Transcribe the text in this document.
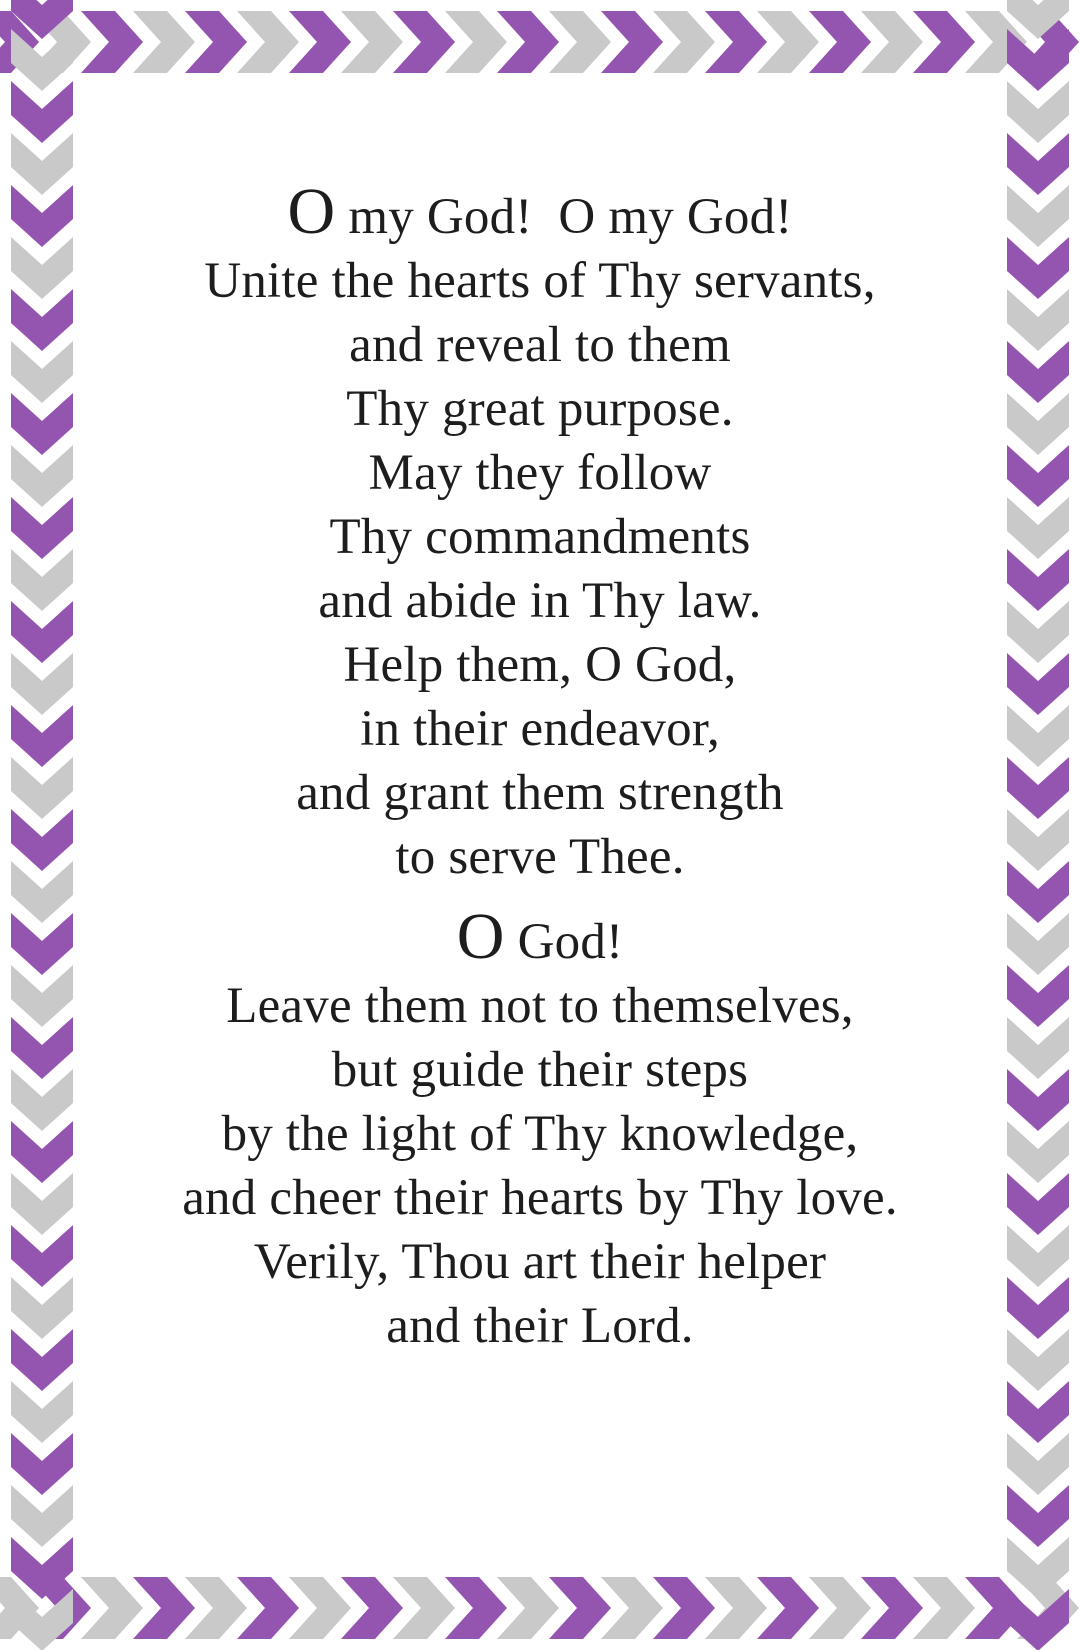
O my God!  O my God!
Unite the hearts of Thy servants,
and reveal to them
Thy great purpose.
May they follow
Thy commandments
and abide in Thy law.
Help them, O God,
in their endeavor,
and grant them strength
to serve Thee.
O God!
Leave them not to themselves,
but guide their steps
by the light of Thy knowledge,
and cheer their hearts by Thy love.
Verily, Thou art their helper
and their Lord.
